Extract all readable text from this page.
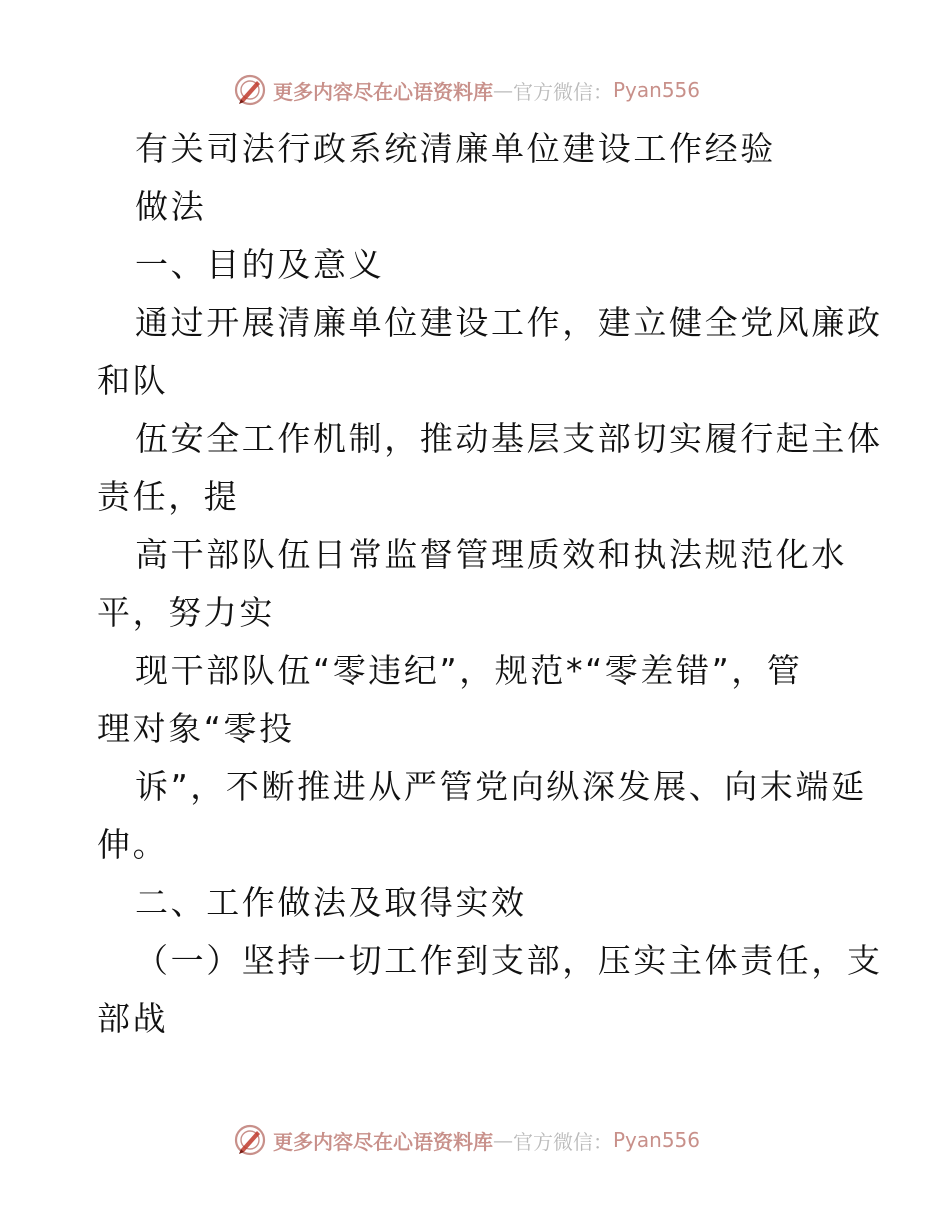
更多内容尽在心语资料库 — 官方微信： Pyan556
有关司法行政系统清廉单位建设工作经验
做法
一、目的及意义
通过开展清廉单位建设工作，建立健全党风廉政
和队
伍安全工作机制，推动基层支部切实履行起主体
责任，提
高干部队伍日常监督管理质效和执法规范化水
平，努力实
现干部队伍“零违纪”，规范*“零差错”，管
理对象“零投
诉”，不断推进从严管党向纵深发展、向末端延
伸。
二、工作做法及取得实效
（一）坚持一切工作到支部，压实主体责任，支
部战
更多内容尽在心语资料库 — 官方微信： Pyan556
